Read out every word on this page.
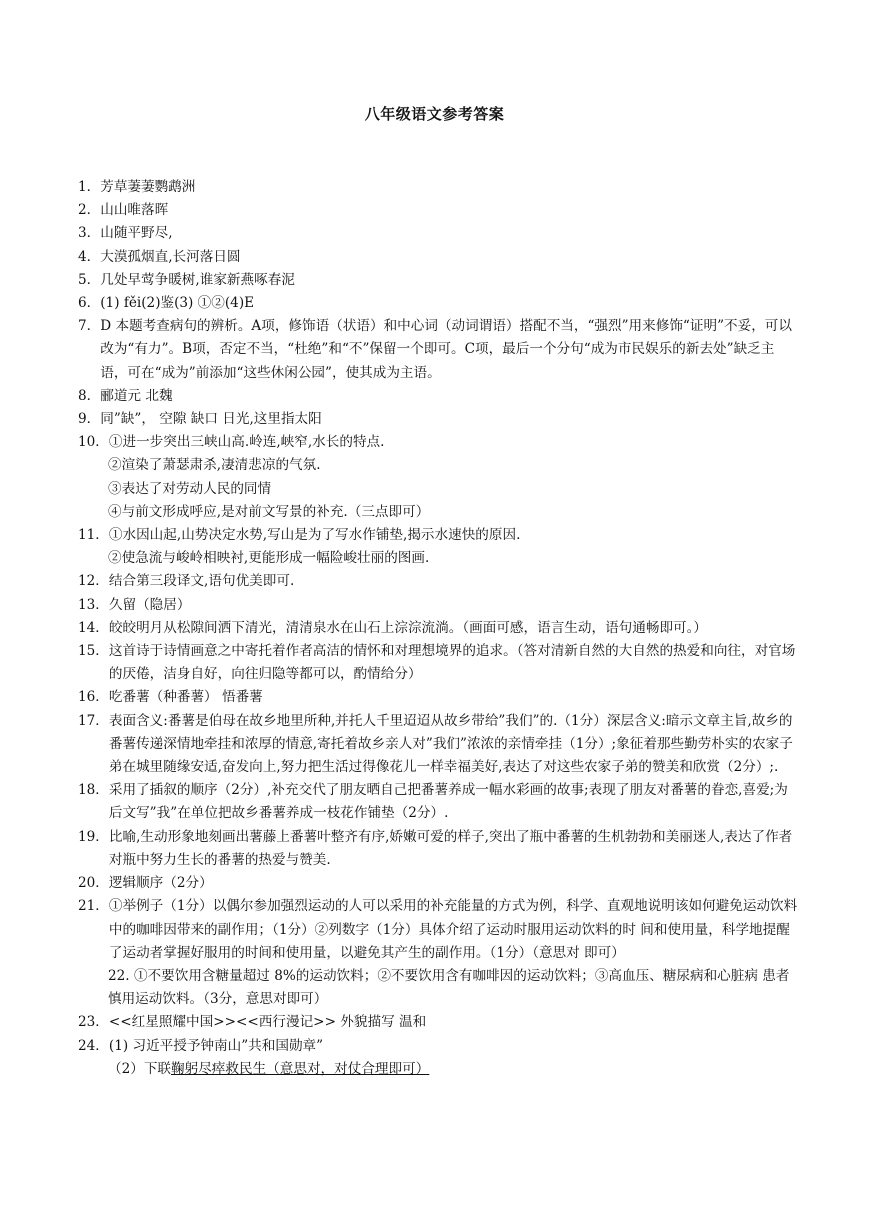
八年级语文参考答案
1． 芳草萋萋鹦鹉洲
2． 山山唯落晖
3． 山随平野尽,
4． 大漠孤烟直,长河落日圆
5． 几处早莺争暖树,谁家新燕啄春泥
6． (1) fěi(2)鉴(3) ①②(4)E
7． D 本题考查病句的辨析。A项，修饰语（状语）和中心词（动词谓语）搭配不当，“强烈”用来修饰“证明”不妥，可以改为“有力”。B项，否定不当，“杜绝”和“不”保留一个即可。C项，最后一个分句“成为市民娱乐的新去处”缺乏主语，可在“成为”前添加“这些休闲公园”，使其成为主语。
8． 郦道元 北魏
9． 同”缺”， 空隙 缺口 日光,这里指太阳
10． ①进一步突出三峡山高.岭连,峡窄,水长的特点.
②渲染了萧瑟肃杀,凄清悲凉的气氛.
③表达了对劳动人民的同情
④与前文形成呼应,是对前文写景的补充.（三点即可）
11． ①水因山起,山势决定水势,写山是为了写水作铺垫,揭示水速快的原因.
②使急流与峻岭相映衬,更能形成一幅险峻壮丽的图画.
12． 结合第三段译文,语句优美即可.
13． 久留（隐居）
14． 皎皎明月从松隙间洒下清光，清清泉水在山石上淙淙流淌。（画面可感，语言生动，语句通畅即可。）
15． 这首诗于诗情画意之中寄托着作者高洁的情怀和对理想境界的追求。（答对清新自然的大自然的热爱和向往，对官场的厌倦，洁身自好，向往归隐等都可以，酌情给分）
16． 吃番薯（种番薯） 悟番薯
17． 表面含义:番薯是伯母在故乡地里所种,并托人千里迢迢从故乡带给”我们”的.（1分）深层含义:暗示文章主旨,故乡的番薯传递深情地牵挂和浓厚的情意,寄托着故乡亲人对”我们”浓浓的亲情牵挂（1分）;象征着那些勤劳朴实的农家子弟在城里随缘安适,奋发向上,努力把生活过得像花儿一样幸福美好,表达了对这些农家子弟的赞美和欣赏（2分）;.
18． 采用了插叙的顺序（2分）,补充交代了朋友晒自己把番薯养成一幅水彩画的故事;表现了朋友对番薯的眷恋,喜爱;为后文写”我”在单位把故乡番薯养成一枝花作铺垫（2分）.
19． 比喻,生动形象地刻画出薯藤上番薯叶整齐有序,娇嫩可爱的样子,突出了瓶中番薯的生机勃勃和美丽迷人,表达了作者对瓶中努力生长的番薯的热爱与赞美.
20． 逻辑顺序（2分）
21． ①举例子（1分）以偶尔参加强烈运动的人可以采用的补充能量的方式为例，科学、直观地说明该如何避免运动饮料中的咖啡因带来的副作用；（1分）②列数字（1分）具体介绍了运动时服用运动饮料的时 间和使用量，科学地提醒了运动者掌握好服用的时间和使用量，以避免其产生的副作用。（1分）（意思对 即可）
22. ①不要饮用含糖量超过 8%的运动饮料；②不要饮用含有咖啡因的运动饮料；③高血压、糖尿病和心脏病 患者慎用运动饮料。（3分，意思对即可）
23． <<红星照耀中国>><<西行漫记>> 外貌描写 温和
24． (1) 习近平授予钟南山”共和国勋章”
（2）下联鞠躬尽瘁救民生（意思对，对仗合理即可）
